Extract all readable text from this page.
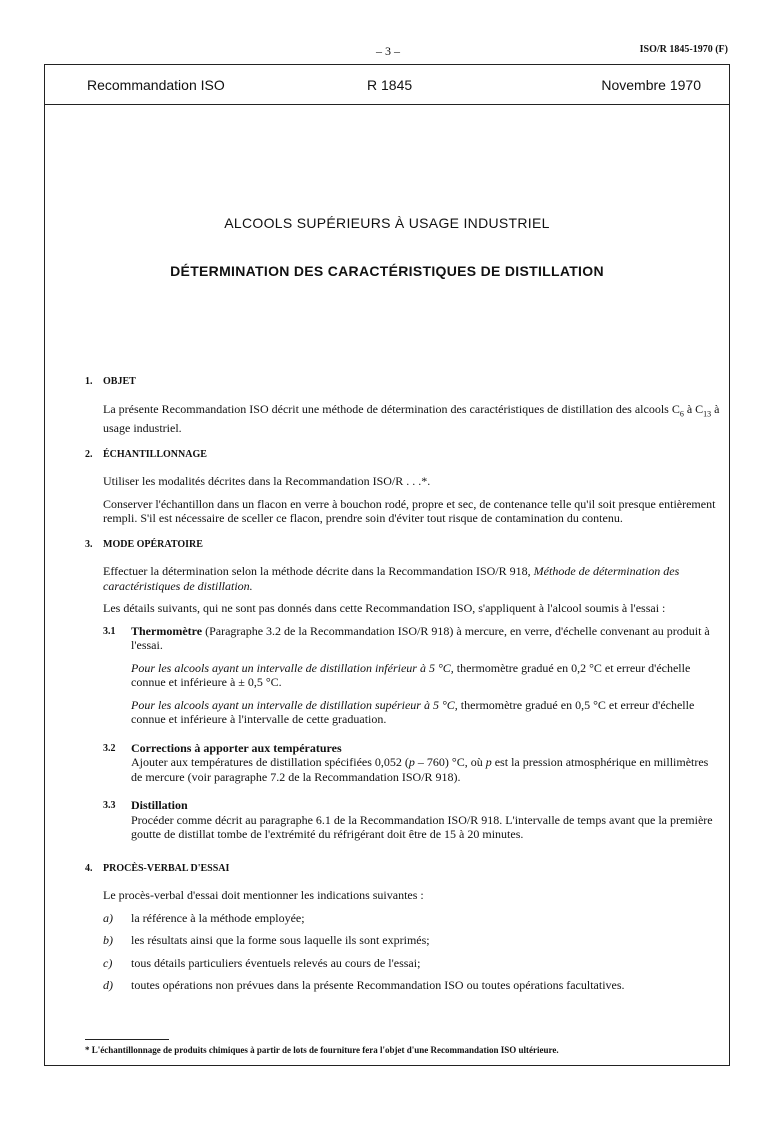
– 3 –	ISO/R 1845-1970 (F)
Recommandation ISO	R 1845	Novembre 1970
ALCOOLS SUPÉRIEURS À USAGE INDUSTRIEL
DÉTERMINATION DES CARACTÉRISTIQUES DE DISTILLATION
1.	OBJET

La présente Recommandation ISO décrit une méthode de détermination des caractéristiques de distillation des alcools $C_6$ à $C_{13}$ à usage industriel.

2.	ÉCHANTILLONNAGE

Utiliser les modalités décrites dans la Recommandation ISO/R . . .*.

Conserver l'échantillon dans un flacon en verre à bouchon rodé, propre et sec, de contenance telle qu'il soit presque entièrement rempli. S'il est nécessaire de sceller ce flacon, prendre soin d'éviter tout risque de contamination du contenu.

3.	MODE OPÉRATOIRE

Effectuer la détermination selon la méthode décrite dans la Recommandation ISO/R 918, Méthode de détermination des caractéristiques de distillation.

Les détails suivants, qui ne sont pas donnés dans cette Recommandation ISO, s'appliquent à l'alcool soumis à l'essai :

3.1	Thermomètre (Paragraphe 3.2 de la Recommandation ISO/R 918) à mercure, en verre, d'échelle convenant au produit à l'essai.

Pour les alcools ayant un intervalle de distillation inférieur à 5 °C, thermomètre gradué en 0,2 °C et erreur d'échelle connue et inférieure à ± 0,5 °C.

Pour les alcools ayant un intervalle de distillation supérieur à 5 °C, thermomètre gradué en 0,5 °C et erreur d'échelle connue et inférieure à l'intervalle de cette graduation.

3.2	Corrections à apporter aux températures

Ajouter aux températures de distillation spécifiées 0,052 (p – 760) °C, où p est la pression atmosphérique en millimètres de mercure (voir paragraphe 7.2 de la Recommandation ISO/R 918).

3.3	Distillation

Procéder comme décrit au paragraphe 6.1 de la Recommandation ISO/R 918. L'intervalle de temps avant que la première goutte de distillat tombe de l'extrémité du réfrigérant doit être de 15 à 20 minutes.

4.	PROCÈS-VERBAL D'ESSAI

Le procès-verbal d'essai doit mentionner les indications suivantes :

a)	la référence à la méthode employée;
b)	les résultats ainsi que la forme sous laquelle ils sont exprimés;
c)	tous détails particuliers éventuels relevés au cours de l'essai;
d)	toutes opérations non prévues dans la présente Recommandation ISO ou toutes opérations facultatives.
* L'échantillonnage de produits chimiques à partir de lots de fourniture fera l'objet d'une Recommandation ISO ultérieure.
